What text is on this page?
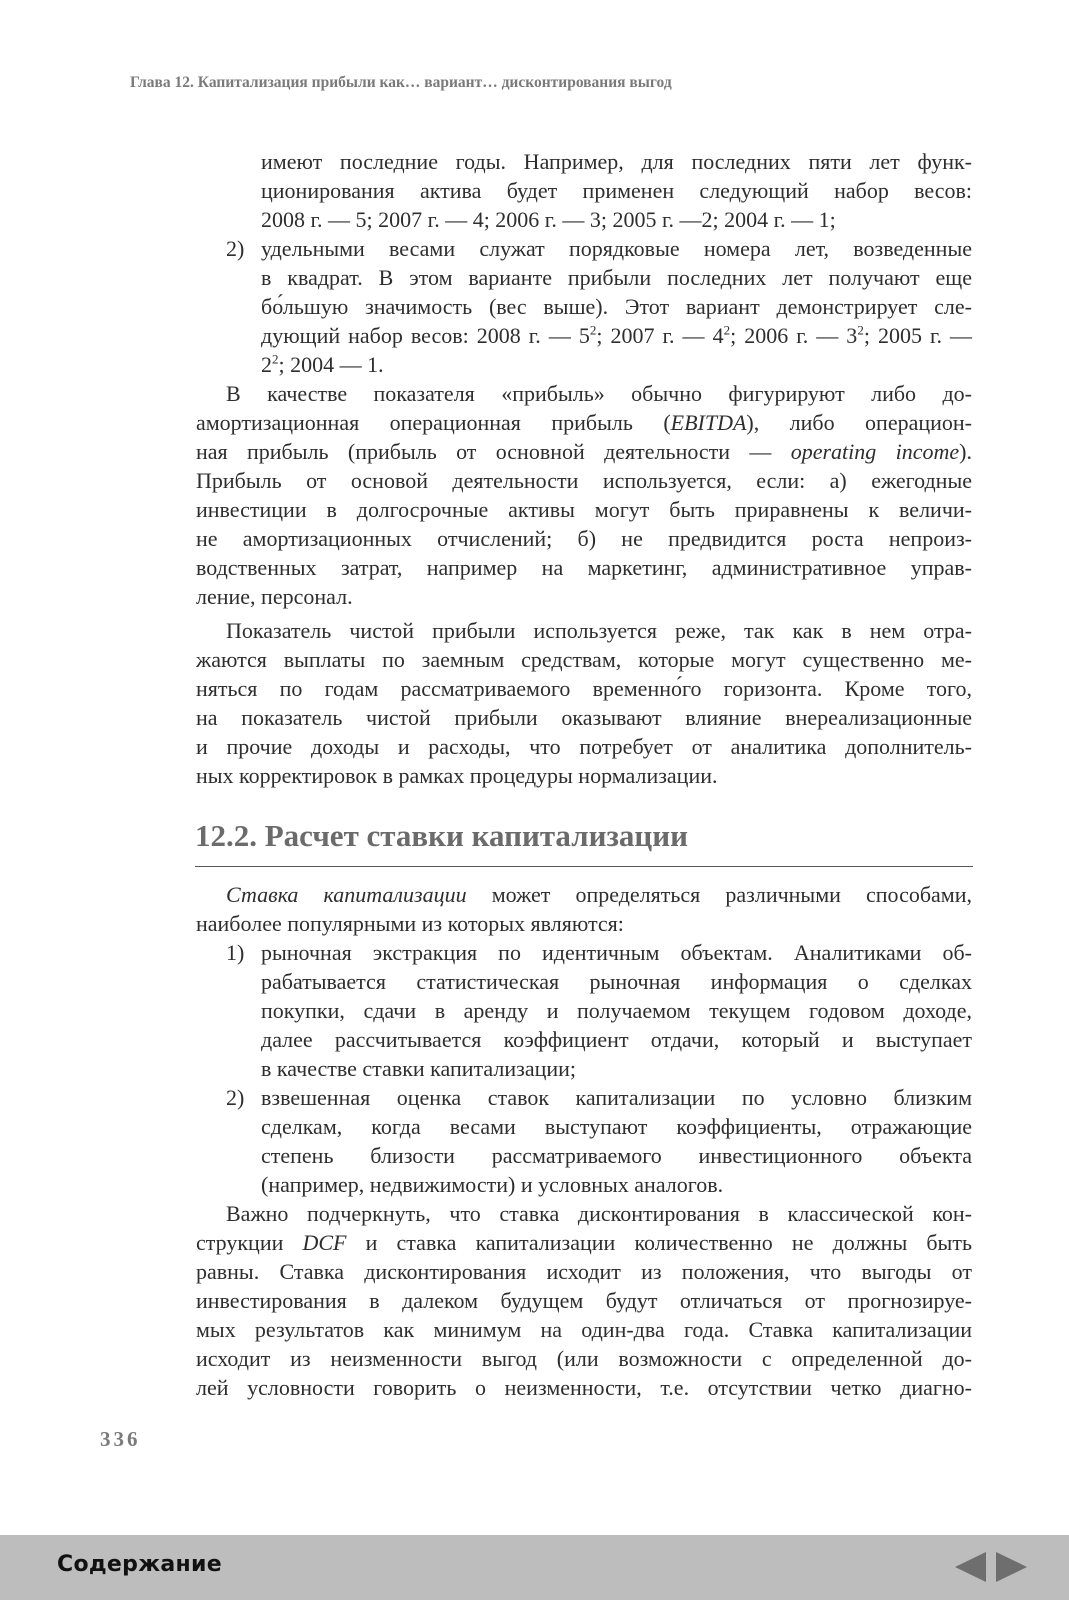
Глава 12. Капитализация прибыли как… вариант… дисконтирования выгод
имеют последние годы. Например, для последних пяти лет функ-
ционирования актива будет применен следующий набор весов:
2008 г. — 5; 2007 г. — 4; 2006 г. — 3; 2005 г. —2; 2004 г. — 1;
2) удельными весами служат порядковые номера лет, возведенные
в квадрат. В этом варианте прибыли последних лет получают еще
бо́льшую значимость (вес выше). Этот вариант демонстрирует сле-
дующий набор весов: 2008 г. — $5^2$; 2007 г. — $4^2$; 2006 г. — $3^2$; 2005 г. —
$2^2$; 2004 — 1.
В качестве показателя «прибыль» обычно фигурируют либо до-
амортизационная операционная прибыль (EBITDA), либо операцион-
ная прибыль (прибыль от основной деятельности — operating income).
Прибыль от основой деятельности используется, если: а) ежегодные
инвестиции в долгосрочные активы могут быть приравнены к величи-
не амортизационных отчислений; б) не предвидится роста непроиз-
водственных затрат, например на маркетинг, административное управ-
ление, персонал.
Показатель чистой прибыли используется реже, так как в нем отра-
жаются выплаты по заемным средствам, которые могут существенно ме-
няться по годам рассматриваемого временно́го горизонта. Кроме того,
на показатель чистой прибыли оказывают влияние внереализационные
и прочие доходы и расходы, что потребует от аналитика дополнитель-
ных корректировок в рамках процедуры нормализации.
12.2. Расчет ставки капитализации
Ставка капитализации может определяться различными способами,
наиболее популярными из которых являются:
1) рыночная экстракция по идентичным объектам. Аналитиками об-
рабатывается статистическая рыночная информация о сделках
покупки, сдачи в аренду и получаемом текущем годовом доходе,
далее рассчитывается коэффициент отдачи, который и выступает
в качестве ставки капитализации;
2) взвешенная оценка ставок капитализации по условно близким
сделкам, когда весами выступают коэффициенты, отражающие
степень близости рассматриваемого инвестиционного объекта
(например, недвижимости) и условных аналогов.
Важно подчеркнуть, что ставка дисконтирования в классической кон-
струкции DCF и ставка капитализации количественно не должны быть
равны. Ставка дисконтирования исходит из положения, что выгоды от
инвестирования в далеком будущем будут отличаться от прогнозируе-
мых результатов как минимум на один-два года. Ставка капитализации
исходит из неизменности выгод (или возможности с определенной до-
лей условности говорить о неизменности, т.е. отсутствии четко диагно-
336
Содержание
